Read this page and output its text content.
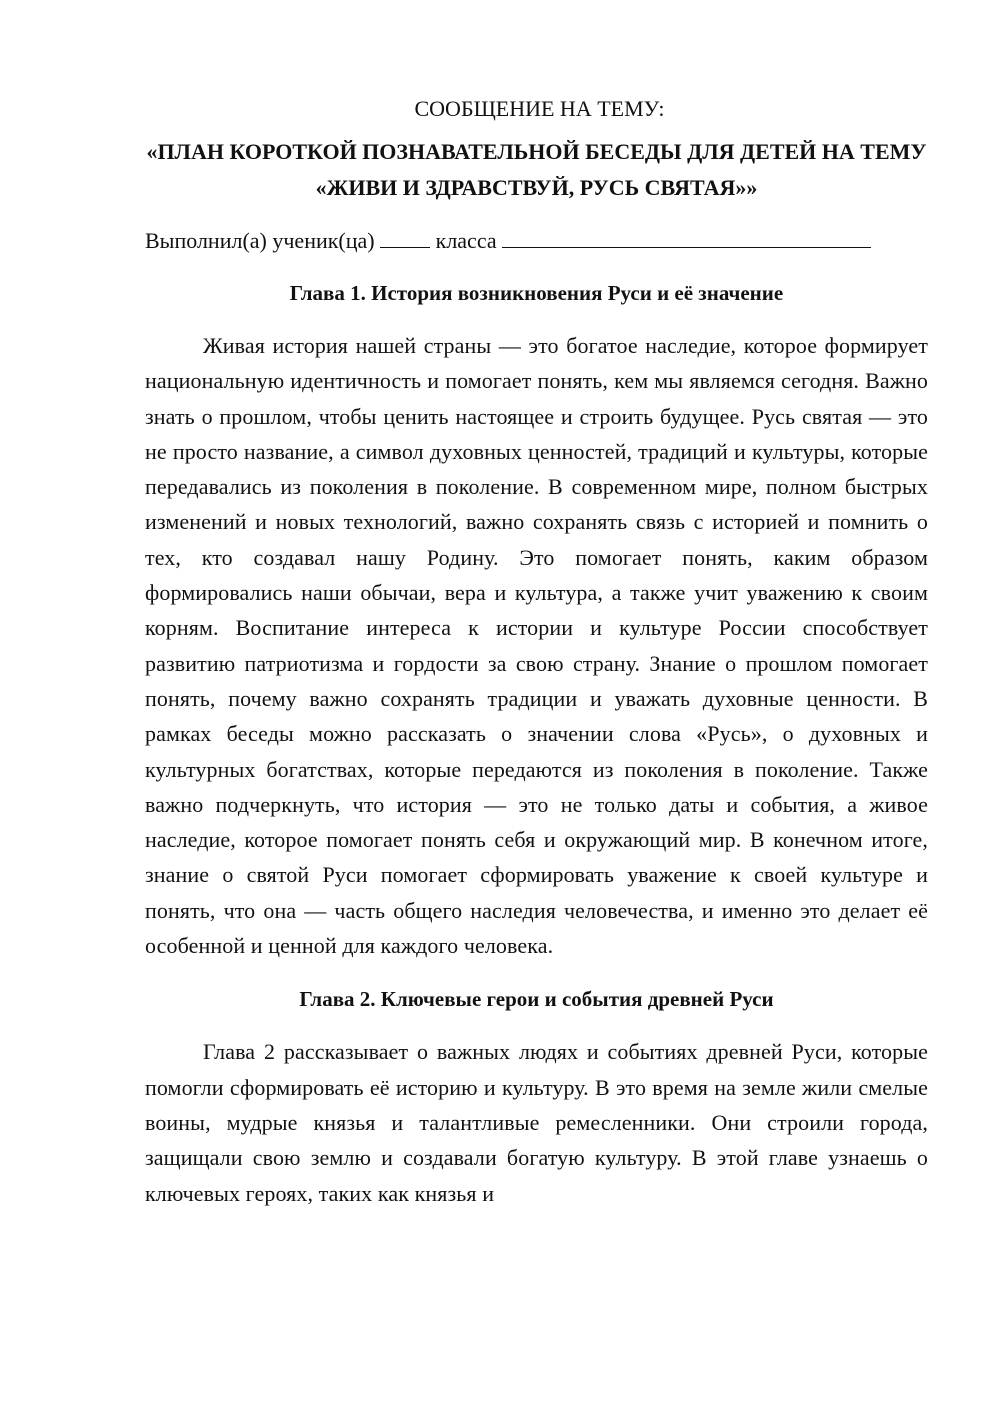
СООБЩЕНИЕ НА ТЕМУ:
«ПЛАН КОРОТКОЙ ПОЗНАВАТЕЛЬНОЙ БЕСЕДЫ ДЛЯ ДЕТЕЙ НА ТЕМУ «ЖИВИ И ЗДРАВСТВУЙ, РУСЬ СВЯТАЯ»»
Выполнил(а) ученик(ца)	класса
Глава 1. История возникновения Руси и её значение

Живая история нашей страны — это богатое наследие, которое формирует национальную идентичность и помогает понять, кем мы являемся сегодня. Важно знать о прошлом, чтобы ценить настоящее и строить будущее. Русь святая — это не просто название, а символ духовных ценностей, традиций и культуры, которые передавались из поколения в поколение. В современном мире, полном быстрых изменений и новых технологий, важно сохранять связь с историей и помнить о тех, кто создавал нашу Родину. Это помогает понять, каким образом формировались наши обычаи, вера и культура, а также учит уважению к своим корням. Воспитание интереса к истории и культуре России способствует развитию патриотизма и гордости за свою страну. Знание о прошлом помогает понять, почему важно сохранять традиции и уважать духовные ценности. В рамках беседы можно рассказать о значении слова «Русь», о духовных и культурных богатствах, которые передаются из поколения в поколение. Также важно подчеркнуть, что история — это не только даты и события, а живое наследие, которое помогает понять себя и окружающий мир. В конечном итоге, знание о святой Руси помогает сформировать уважение к своей культуре и понять, что она — часть общего наследия человечества, и именно это делает её особенной и ценной для каждого человека.

Глава 2. Ключевые герои и события древней Руси

Глава 2 рассказывает о важных людях и событиях древней Руси, которые помогли сформировать её историю и культуру. В это время на земле жили смелые воины, мудрые князья и талантливые ремесленники. Они строили города, защищали свою землю и создавали богатую культуру. В этой главе узнаешь о ключевых героях, таких как князья и
